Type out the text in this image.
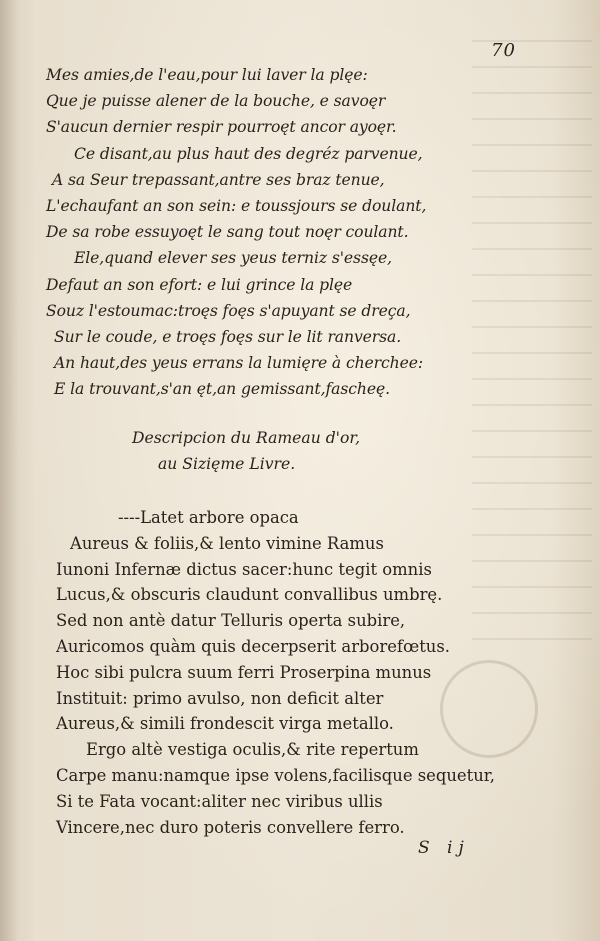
70
Mes amies,de l'eau,pour lui laver la plęe:
Que je puisse alener de la bouche, e savoęr
S'aucun dernier respir pourroęt ancor ayoęr.
Ce disant,au plus haut des degréz parvenue,
A sa Seur trepassant,antre ses braz tenue,
L'echaufant an son sein: e toussjours se doulant,
De sa robe essuyoęt le sang tout noęr coulant.
Ele,quand elever ses yeus terniz s'essęe,
Defaut an son efort: e lui grince la plęe
Souz l'estoumac:troęs foęs s'apuyant se dreça,
Sur le coude, e troęs foęs sur le lit ranversa.
An haut,des yeus errans la lumięre à cherchee:
E la trouvant,s'an ęt,an gemissant,fascheę.
Descripcion du Rameau d'or,
au Sizięme Livre.
----Latet arbore opaca
Aureus & foliis,& lento vimine Ramus
Iunoni Infernæ dictus sacer:hunc tegit omnis
Lucus,& obscuris claudunt convallibus umbrę.
Sed non antè datur Telluris operta subire,
Auricomos quàm quis decerpserit arborefœtus.
Hoc sibi pulcra suum ferri Proserpina munus
Instituit: primo avulso, non deficit alter
Aureus,& simili frondescit virga metallo.
Ergo altè vestiga oculis,& rite repertum
Carpe manu:namque ipse volens,facilisque sequetur,
Si te Fata vocant:aliter nec viribus ullis
Vincere,nec duro poteris convellere ferro.
S ij
